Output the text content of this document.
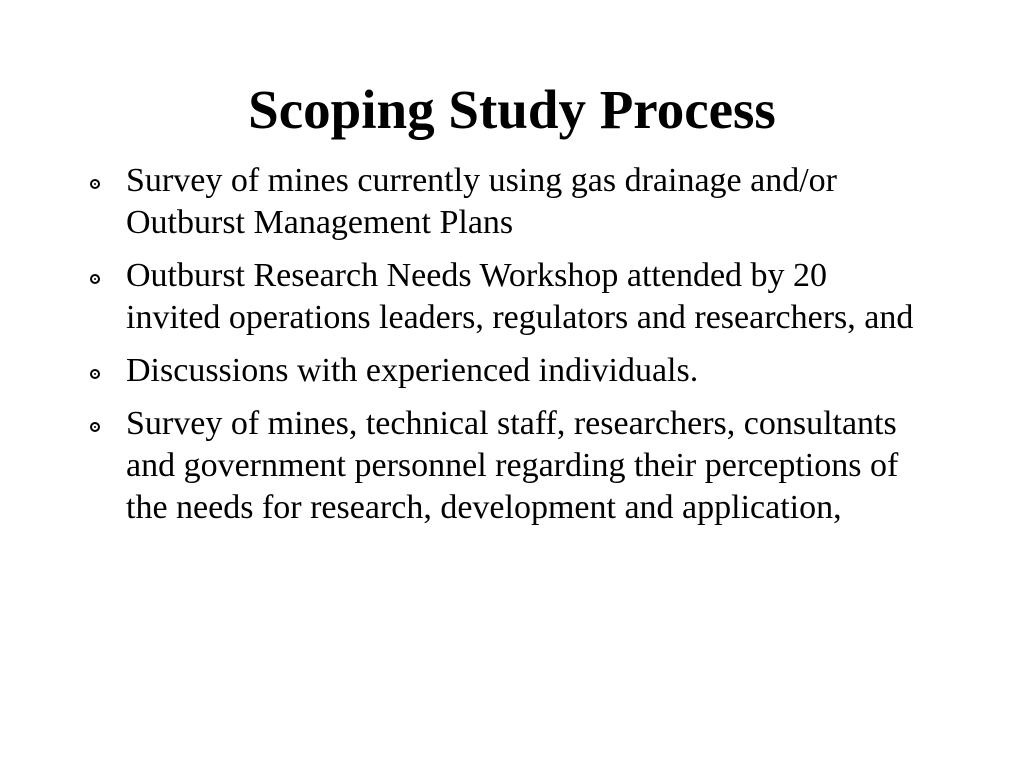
Scoping Study Process
Survey of mines currently using gas drainage and/or Outburst Management Plans
Outburst Research Needs Workshop attended by 20 invited operations leaders, regulators and researchers, and
Discussions with experienced individuals.
Survey of mines, technical staff, researchers, consultants and government personnel regarding their perceptions of the needs for research, development and application,
